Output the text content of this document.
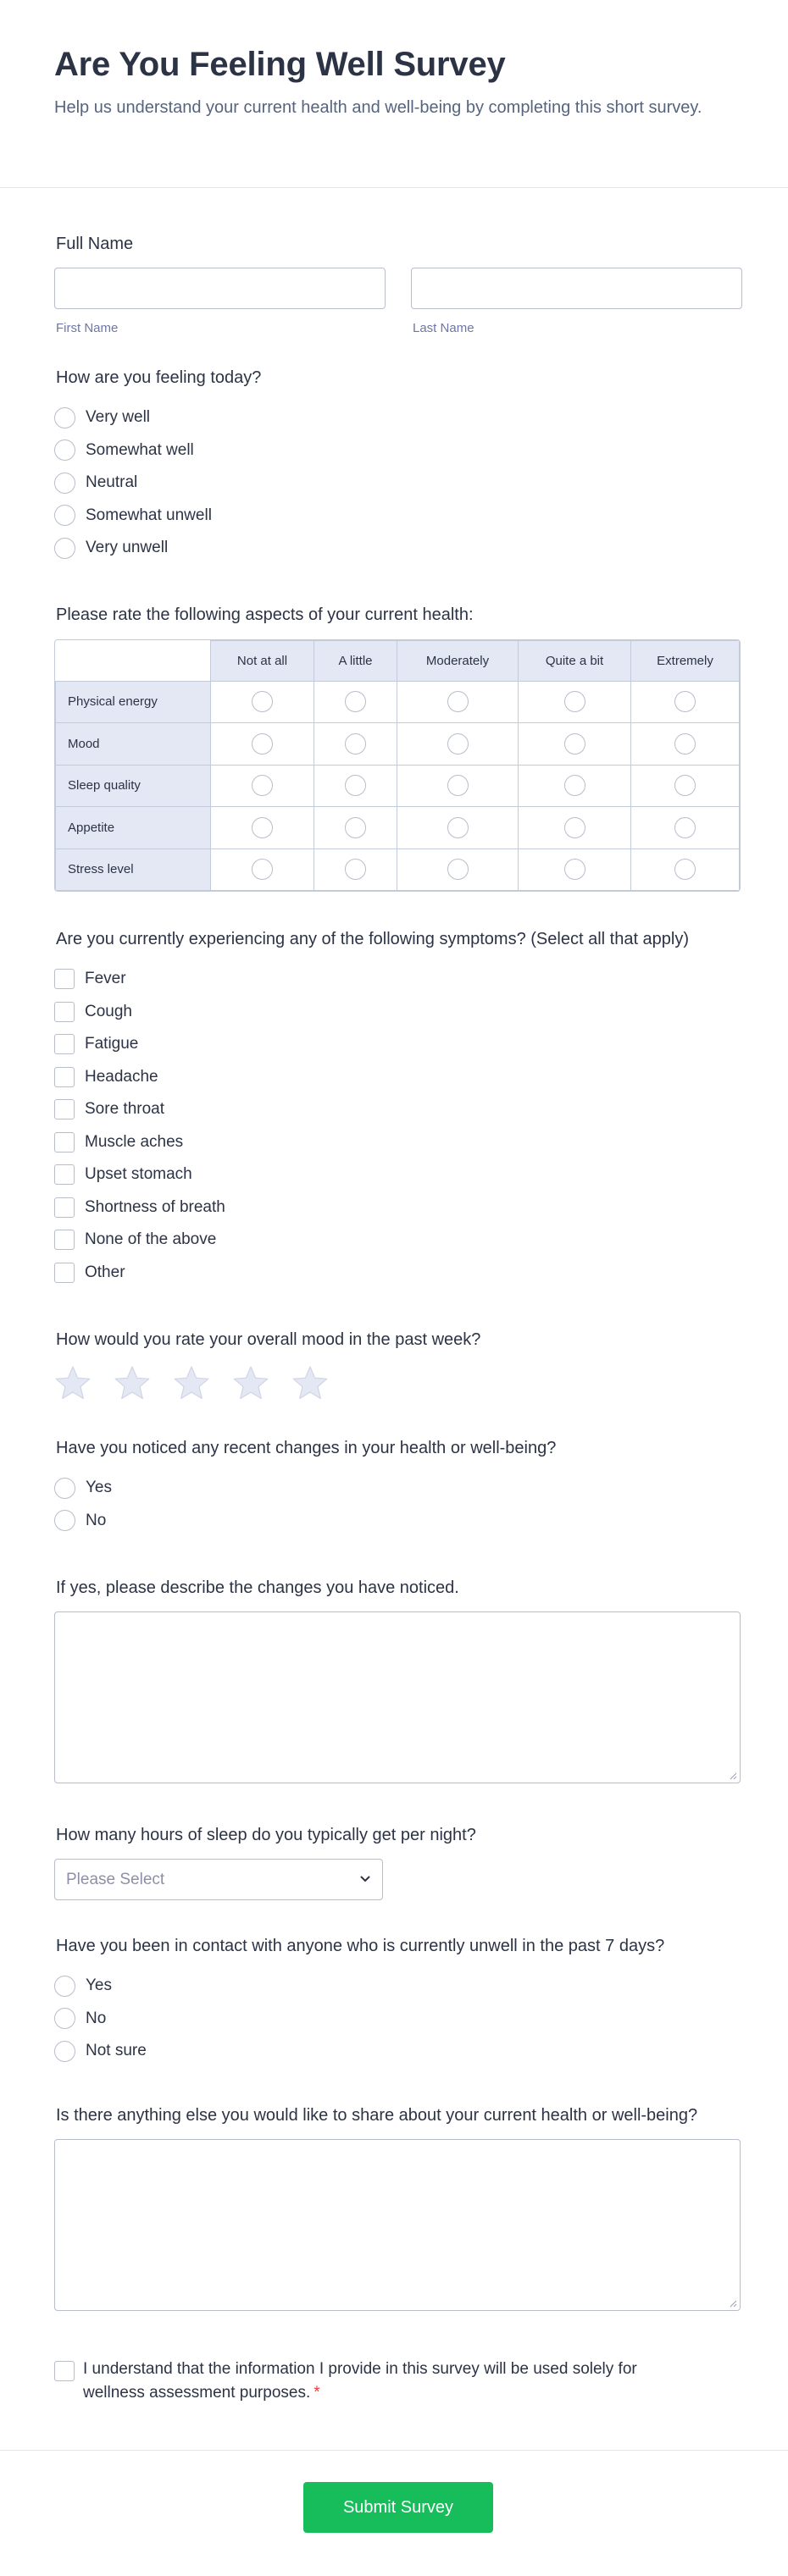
Are You Feeling Well Survey

Help us understand your current health and well-being by completing this short survey.

Full Name
First Name	Last Name
How are you feeling today?
Very well
Somewhat well
Neutral
Somewhat unwell
Very unwell
Please rate the following aspects of your current health:
	Not at all	A little	Moderately	Quite a bit	Extremely
Physical energy					
Mood					
Sleep quality					
Appetite					
Stress level					
Are you currently experiencing any of the following symptoms? (Select all that apply)
Fever
Cough
Fatigue
Headache
Sore throat
Muscle aches
Upset stomach
Shortness of breath
None of the above
Other
How would you rate your overall mood in the past week?
Have you noticed any recent changes in your health or well-being?
Yes
No
If yes, please describe the changes you have noticed.
How many hours of sleep do you typically get per night?
Please Select
Have you been in contact with anyone who is currently unwell in the past 7 days?
Yes
No
Not sure
Is there anything else you would like to share about your current health or well-being?
I understand that the information I provide in this survey will be used solely for wellness assessment purposes. *
Submit Survey
